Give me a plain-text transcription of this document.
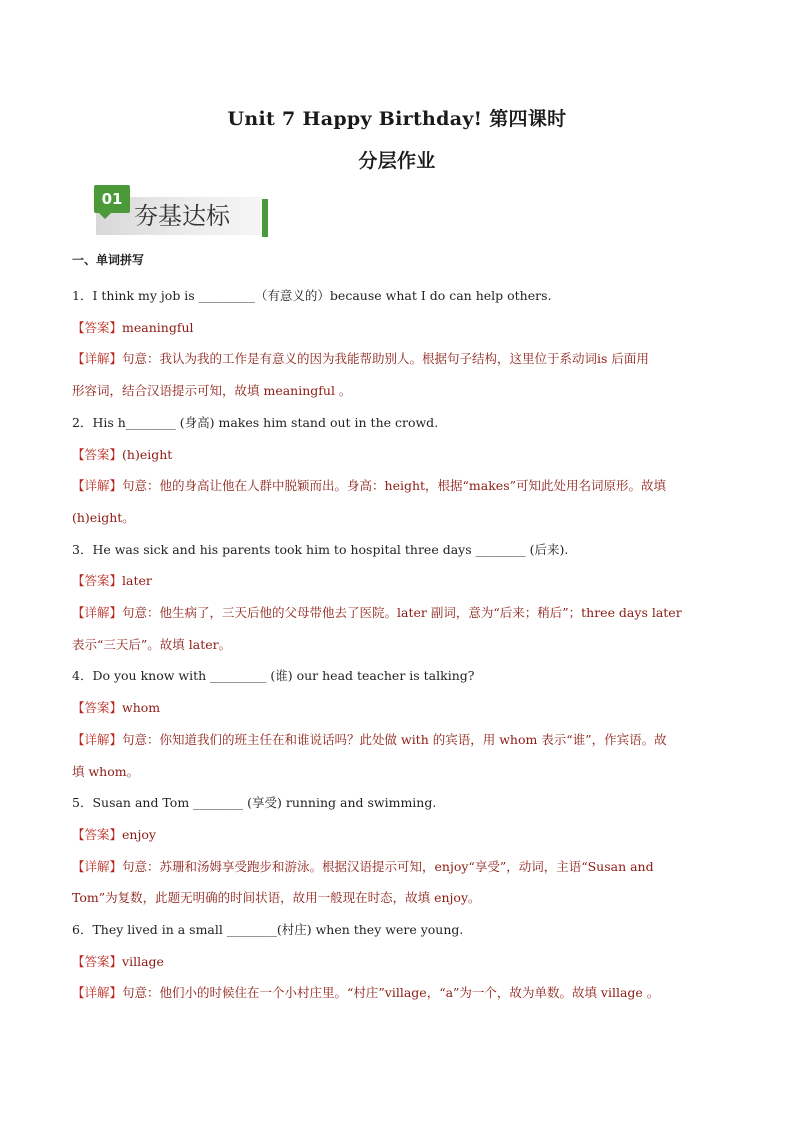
Unit 7 Happy Birthday! 第四课时
分层作业
01
夯基达标
一、单词拼写
1．I think my job is _________（有意义的）because what I do can help others.
【答案】meaningful
【详解】句意：我认为我的工作是有意义的因为我能帮助别人。根据句子结构，这里位于系动词is 后面用
形容词，结合汉语提示可知，故填 meaningful 。
2．His h________ (身高) makes him stand out in the crowd.
【答案】(h)eight
【详解】句意：他的身高让他在人群中脱颖而出。身高：height，根据“makes”可知此处用名词原形。故填
(h)eight。
3．He was sick and his parents took him to hospital three days ________ (后来).
【答案】later
【详解】句意：他生病了，三天后他的父母带他去了医院。later 副词，意为“后来；稍后”；three days later
表示“三天后”。故填 later。
4．Do you know with _________ (谁) our head teacher is talking?
【答案】whom
【详解】句意：你知道我们的班主任在和谁说话吗？此处做 with 的宾语，用 whom 表示“谁”，作宾语。故
填 whom。
5．Susan and Tom ________ (享受) running and swimming.
【答案】enjoy
【详解】句意：苏珊和汤姆享受跑步和游泳。根据汉语提示可知，enjoy“享受”，动词，主语“Susan and
Tom”为复数，此题无明确的时间状语，故用一般现在时态，故填 enjoy。
6．They lived in a small ________(村庄) when they were young.
【答案】village
【详解】句意：他们小的时候住在一个小村庄里。“村庄”village，“a”为一个，故为单数。故填 village 。
